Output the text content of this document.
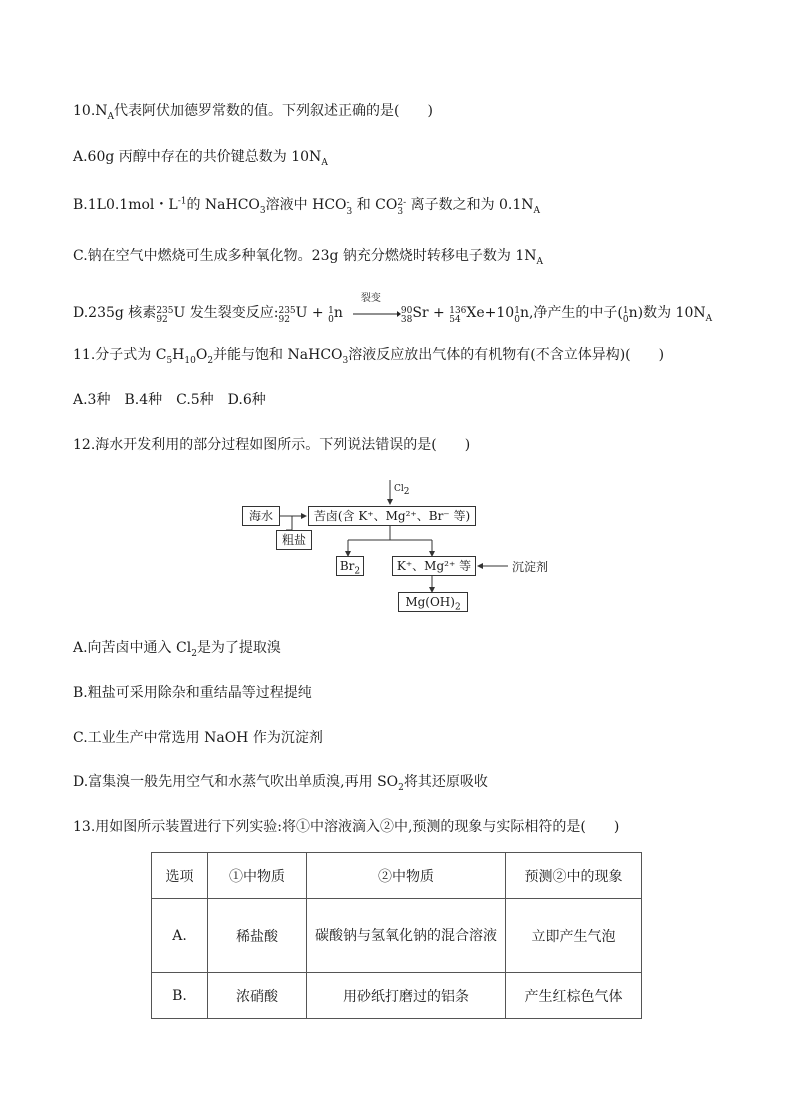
$10.N_A$代表阿伏加德罗常数的值。下列叙述正确的是(　　)
A.60g 丙醇中存在的共价键总数为 $10N_A$
B.1L0.1mol・$L^{-1}$的 NaHCO$_3$溶液中 HCO -
3 和 CO 2-
3 离子数之和为 $0.1N_A$
C.钠在空气中燃烧可生成多种氧化物。23g 钠充分燃烧时转移电子数为 $1N_A$
D.235g 核素 235
92 U 发生裂变反应: 235
92 U + 1
0 n
裂变
90
38 Sr + 136
54 Xe+10 1
0 n,净产生的中子( 1
0 n)数为 $10N_A$
11.分子式为 $C_5H_{10}O_2$并能与饱和 NaHCO$_3$溶液反应放出气体的有机物有(不含立体异构)(　　)
A.3种　B.4种　C.5种　D.6种
12.海水开发利用的部分过程如图所示。下列说法错误的是(　　)
$Cl_2$
海水	苦卤(含 K⁺、Mg²⁺、Br⁻ 等)
粗盐
$Br_2$	K⁺、Mg²⁺ 等	沉淀剂
$Mg(OH)_2$
A.向苦卤中通入 $Cl_2$是为了提取溴
B.粗盐可采用除杂和重结晶等过程提纯
C.工业生产中常选用 NaOH 作为沉淀剂
D.富集溴一般先用空气和水蒸气吹出单质溴,再用 $SO_2$将其还原吸收
13.用如图所示装置进行下列实验:将①中溶液滴入②中,预测的现象与实际相符的是(　　)
选项	①中物质	②中物质	预测②中的现象
A.	稀盐酸	碳酸钠与氢氧化钠的混合溶液	立即产生气泡
B.	浓硝酸	用砂纸打磨过的铝条	产生红棕色气体
